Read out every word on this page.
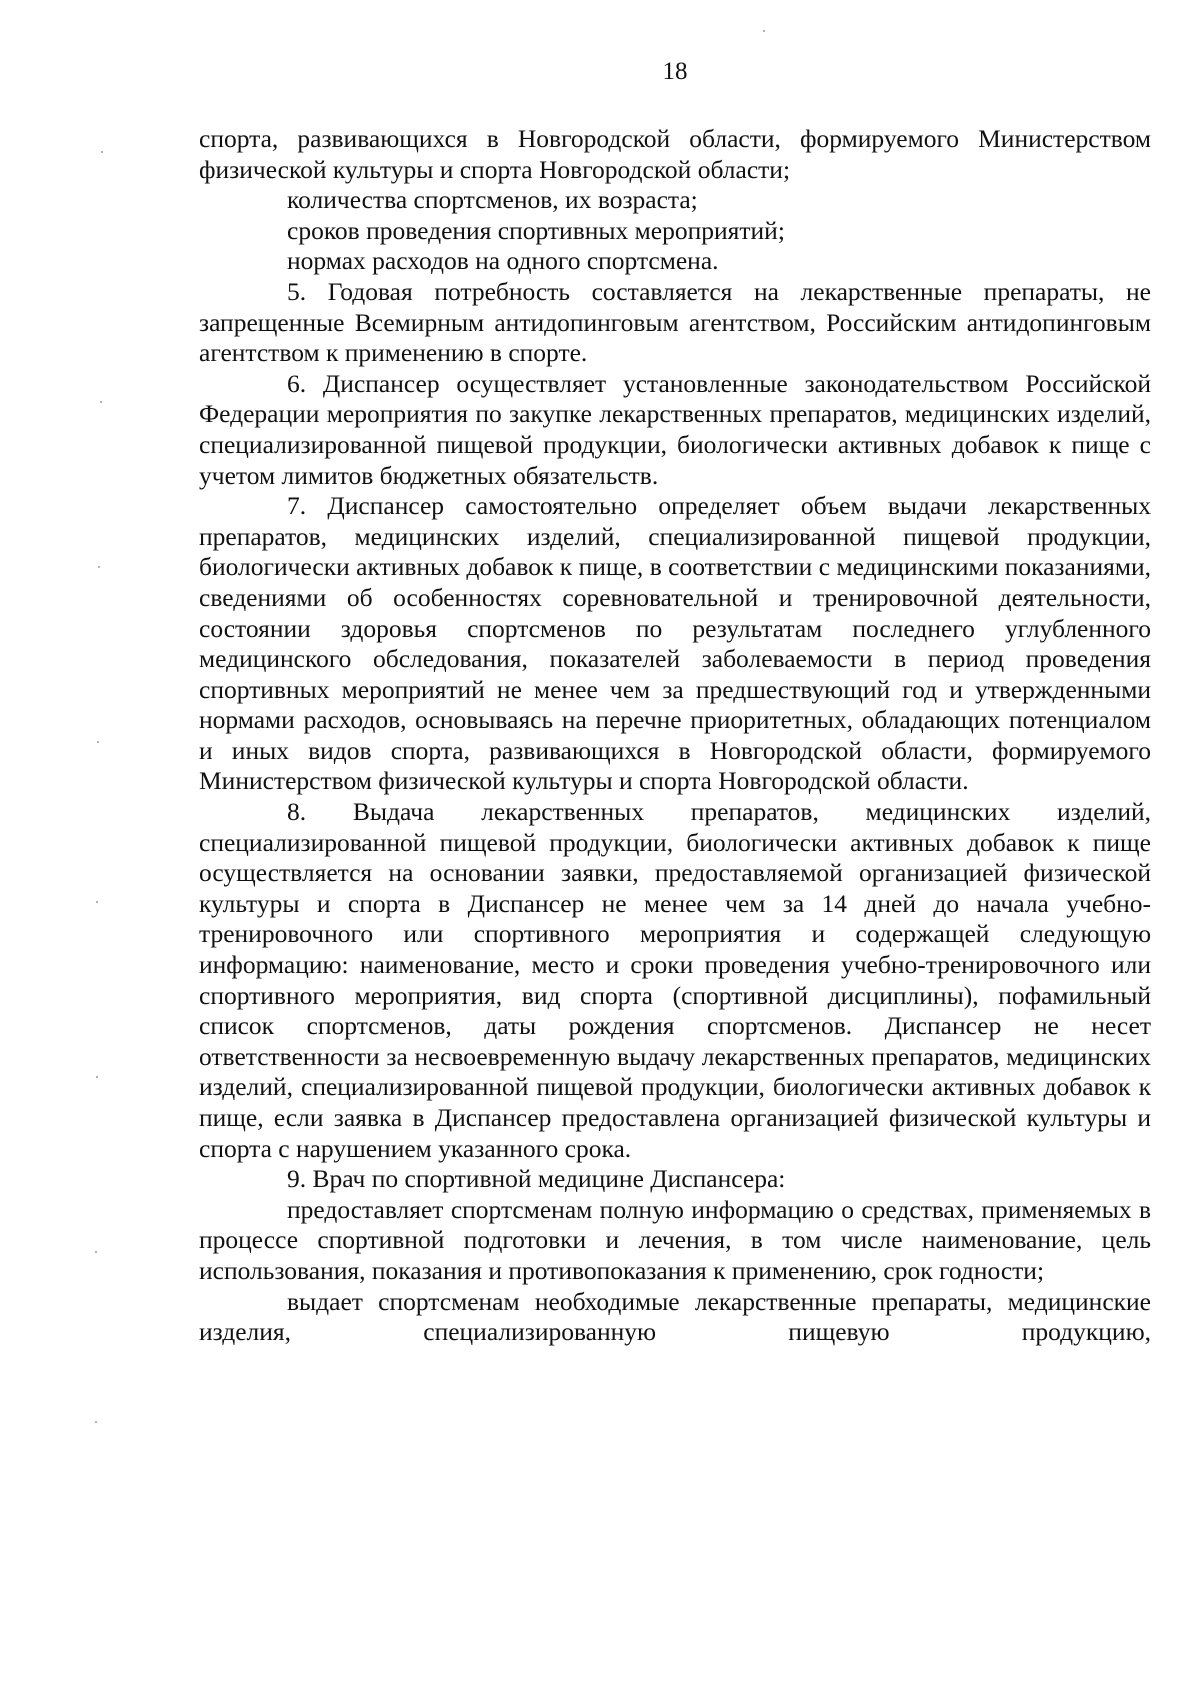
18

спорта, развивающихся в Новгородской области, формируемого Министерством физической культуры и спорта Новгородской области;

количества спортсменов, их возраста;

сроков проведения спортивных мероприятий;

нормах расходов на одного спортсмена.

5. Годовая потребность составляется на лекарственные препараты, не запрещенные Всемирным антидопинговым агентством, Российским антидопинговым агентством к применению в спорте.

6. Диспансер осуществляет установленные законодательством Российской Федерации мероприятия по закупке лекарственных препаратов, медицинских изделий, специализированной пищевой продукции, биологически активных добавок к пище с учетом лимитов бюджетных обязательств.

7. Диспансер самостоятельно определяет объем выдачи лекарственных препаратов, медицинских изделий, специализированной пищевой продукции, биологически активных добавок к пище, в соответствии с медицинскими показаниями, сведениями об особенностях соревновательной и тренировочной деятельности, состоянии здоровья спортсменов по результатам последнего углубленного медицинского обследования, показателей заболеваемости в период проведения спортивных мероприятий не менее чем за предшествующий год и утвержденными нормами расходов, основываясь на перечне приоритетных, обладающих потенциалом и иных видов спорта, развивающихся в Новгородской области, формируемого Министерством физической культуры и спорта Новгородской области.

8. Выдача лекарственных препаратов, медицинских изделий, специализированной пищевой продукции, биологически активных добавок к пище осуществляется на основании заявки, предоставляемой организацией физической культуры и спорта в Диспансер не менее чем за 14 дней до начала учебно-тренировочного или спортивного мероприятия и содержащей следующую информацию: наименование, место и сроки проведения учебно-тренировочного или спортивного мероприятия, вид спорта (спортивной дисциплины), пофамильный список спортсменов, даты рождения спортсменов. Диспансер не несет ответственности за несвоевременную выдачу лекарственных препаратов, медицинских изделий, специализированной пищевой продукции, биологически активных добавок к пище, если заявка в Диспансер предоставлена организацией физической культуры и спорта с нарушением указанного срока.

9. Врач по спортивной медицине Диспансера:

предоставляет спортсменам полную информацию о средствах, применяемых в процессе спортивной подготовки и лечения, в том числе наименование, цель использования, показания и противопоказания к применению, срок годности;

выдает спортсменам необходимые лекарственные препараты, медицинские изделия, специализированную пищевую продукцию,
